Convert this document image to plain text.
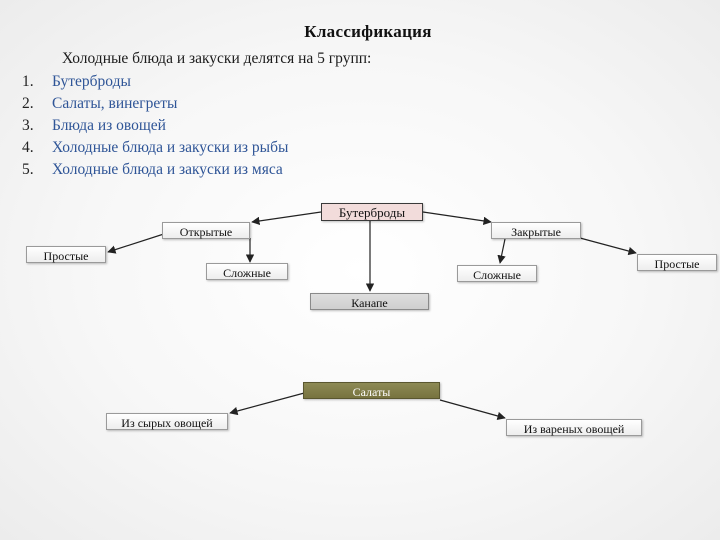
Классификация
Холодные блюда и закуски делятся на 5 групп:
1. Бутерброды
2. Салаты, винегреты
3. Блюда из овощей
4. Холодные блюда и закуски из рыбы
5. Холодные блюда и закуски из мяса
Бутерброды
Открытые	Закрытые
Простые
Сложные	Сложные
Простые
Канапе
Салаты
Из сырых овощей	Из вареных овощей
